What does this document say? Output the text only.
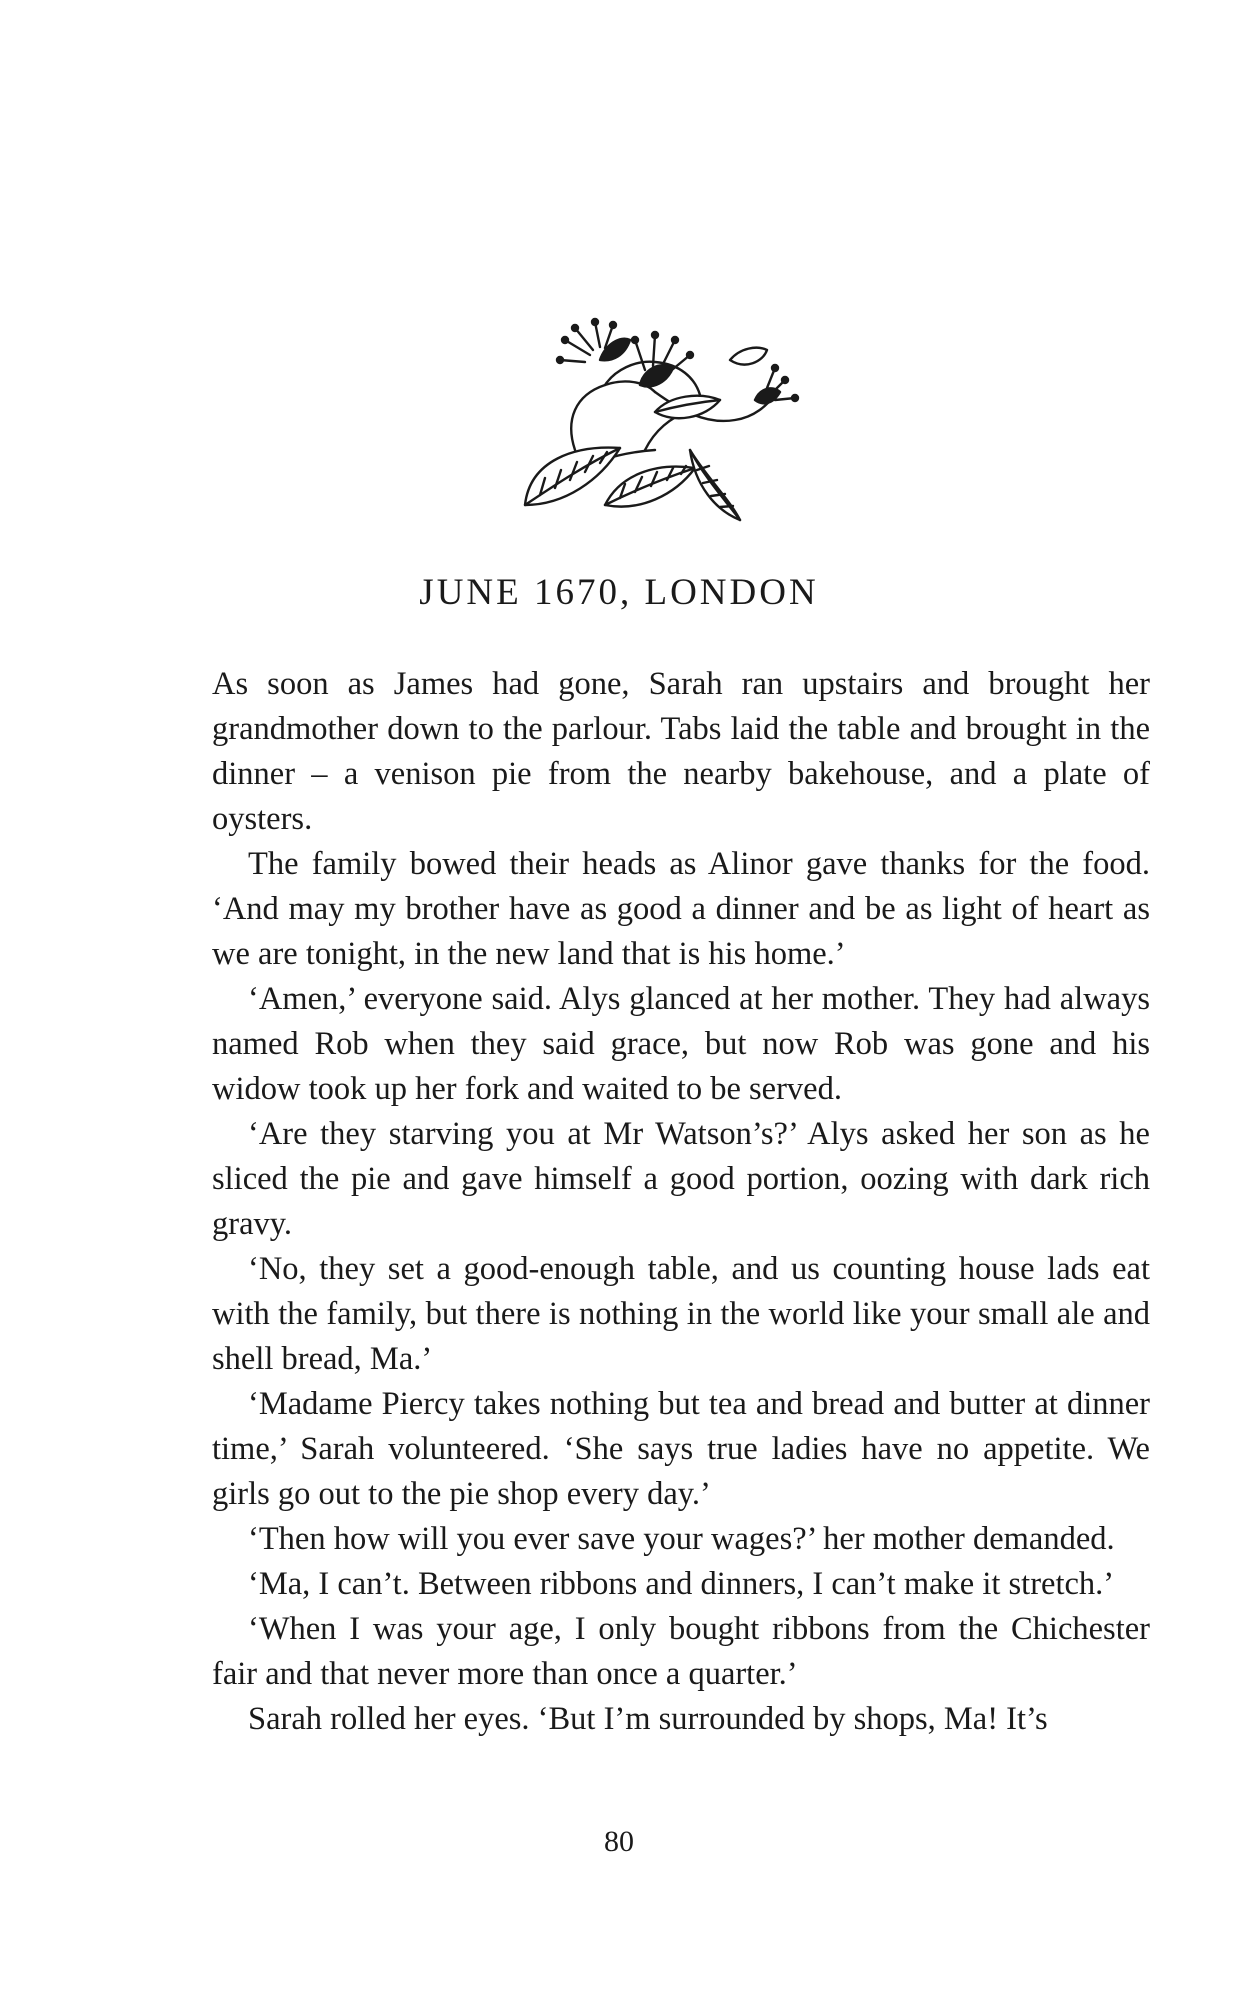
JUNE 1670, LONDON

As soon as James had gone, Sarah ran upstairs and brought her grandmother down to the parlour. Tabs laid the table and brought in the dinner – a venison pie from the nearby bakehouse, and a plate of oysters.

The family bowed their heads as Alinor gave thanks for the food. ‘And may my brother have as good a dinner and be as light of heart as we are tonight, in the new land that is his home.’

‘Amen,’ everyone said. Alys glanced at her mother. They had always named Rob when they said grace, but now Rob was gone and his widow took up her fork and waited to be served.

‘Are they starving you at Mr Watson’s?’ Alys asked her son as he sliced the pie and gave himself a good portion, oozing with dark rich gravy.

‘No, they set a good-enough table, and us counting house lads eat with the family, but there is nothing in the world like your small ale and shell bread, Ma.’

‘Madame Piercy takes nothing but tea and bread and butter at dinner time,’ Sarah volunteered. ‘She says true ladies have no appetite. We girls go out to the pie shop every day.’

‘Then how will you ever save your wages?’ her mother demanded.

‘Ma, I can’t. Between ribbons and dinners, I can’t make it stretch.’

‘When I was your age, I only bought ribbons from the Chichester fair and that never more than once a quarter.’

Sarah rolled her eyes. ‘But I’m surrounded by shops, Ma! It’s

80
